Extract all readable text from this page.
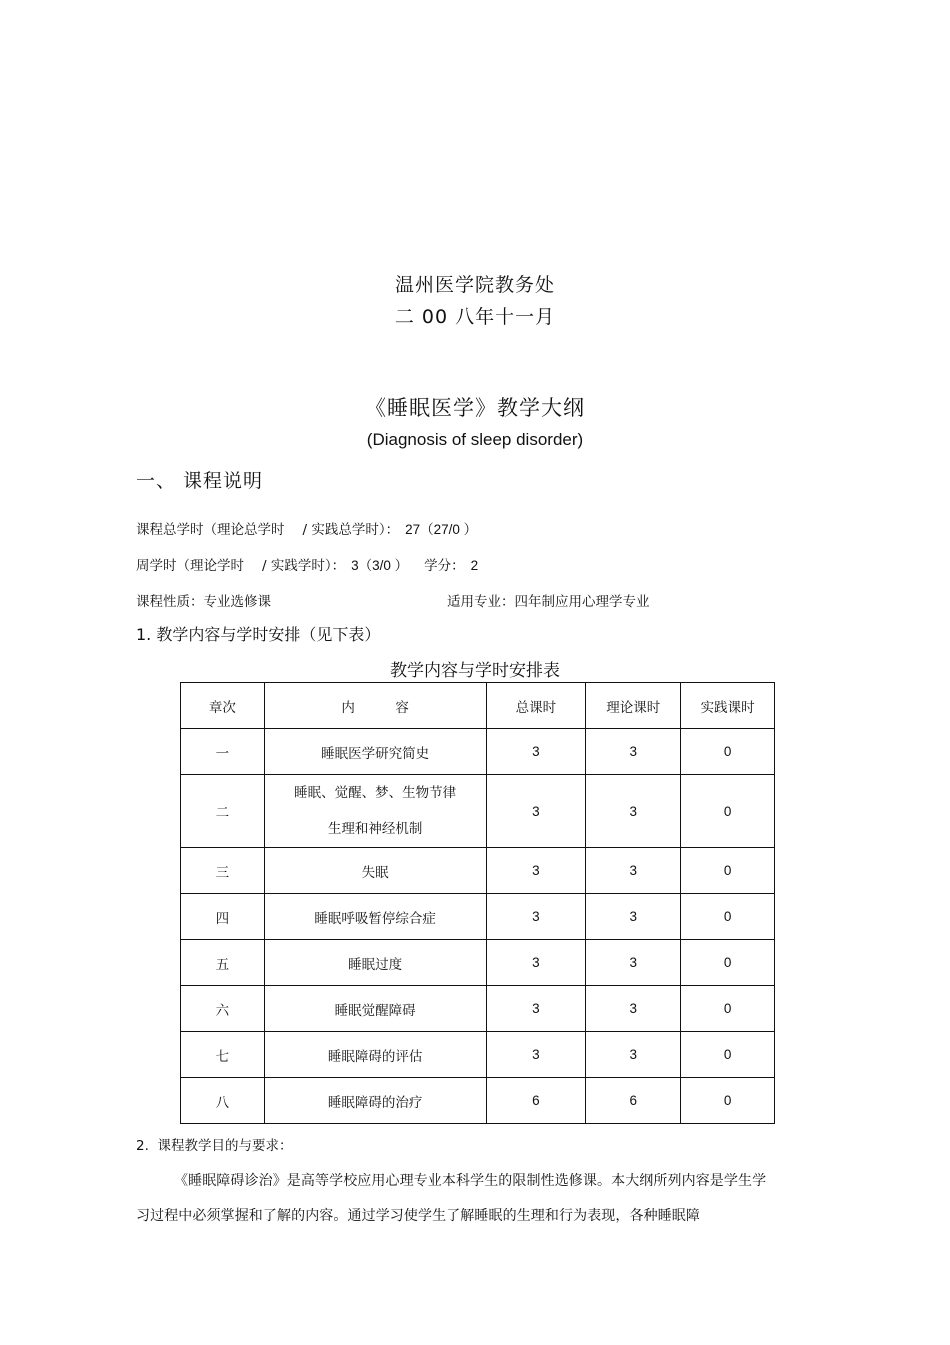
温州医学院教务处
二 00 八年十一月
《睡眠医学》教学大纲
(Diagnosis of sleep disorder)
一、 课程说明
课程总学时（理论总学时 / 实践总学时）： 27（27/0 ）
周学时（理论学时 / 实践学时）： 3（3/0 ） 学分： 2
课程性质：专业选修课	适用专业：四年制应用心理学专业
1. 教学内容与学时安排（见下表）
教学内容与学时安排表
章次	内　　　容	总课时	理论课时	实践课时
一	睡眠医学研究简史	3	3	0
二	睡眠、觉醒、梦、生物节律
生理和神经机制	3	3	0
三	失眠	3	3	0
四	睡眠呼吸暂停综合症	3	3	0
五	睡眠过度	3	3	0
六	睡眠觉醒障碍	3	3	0
七	睡眠障碍的评估	3	3	0
八	睡眠障碍的治疗	6	6	0
2.  课程教学目的与要求：

《睡眠障碍诊治》是高等学校应用心理专业本科学生的限制性选修课。本大纲所列内容是学生学习过程中必须掌握和了解的内容。通过学习使学生了解睡眠的生理和行为表现，各种睡眠障
